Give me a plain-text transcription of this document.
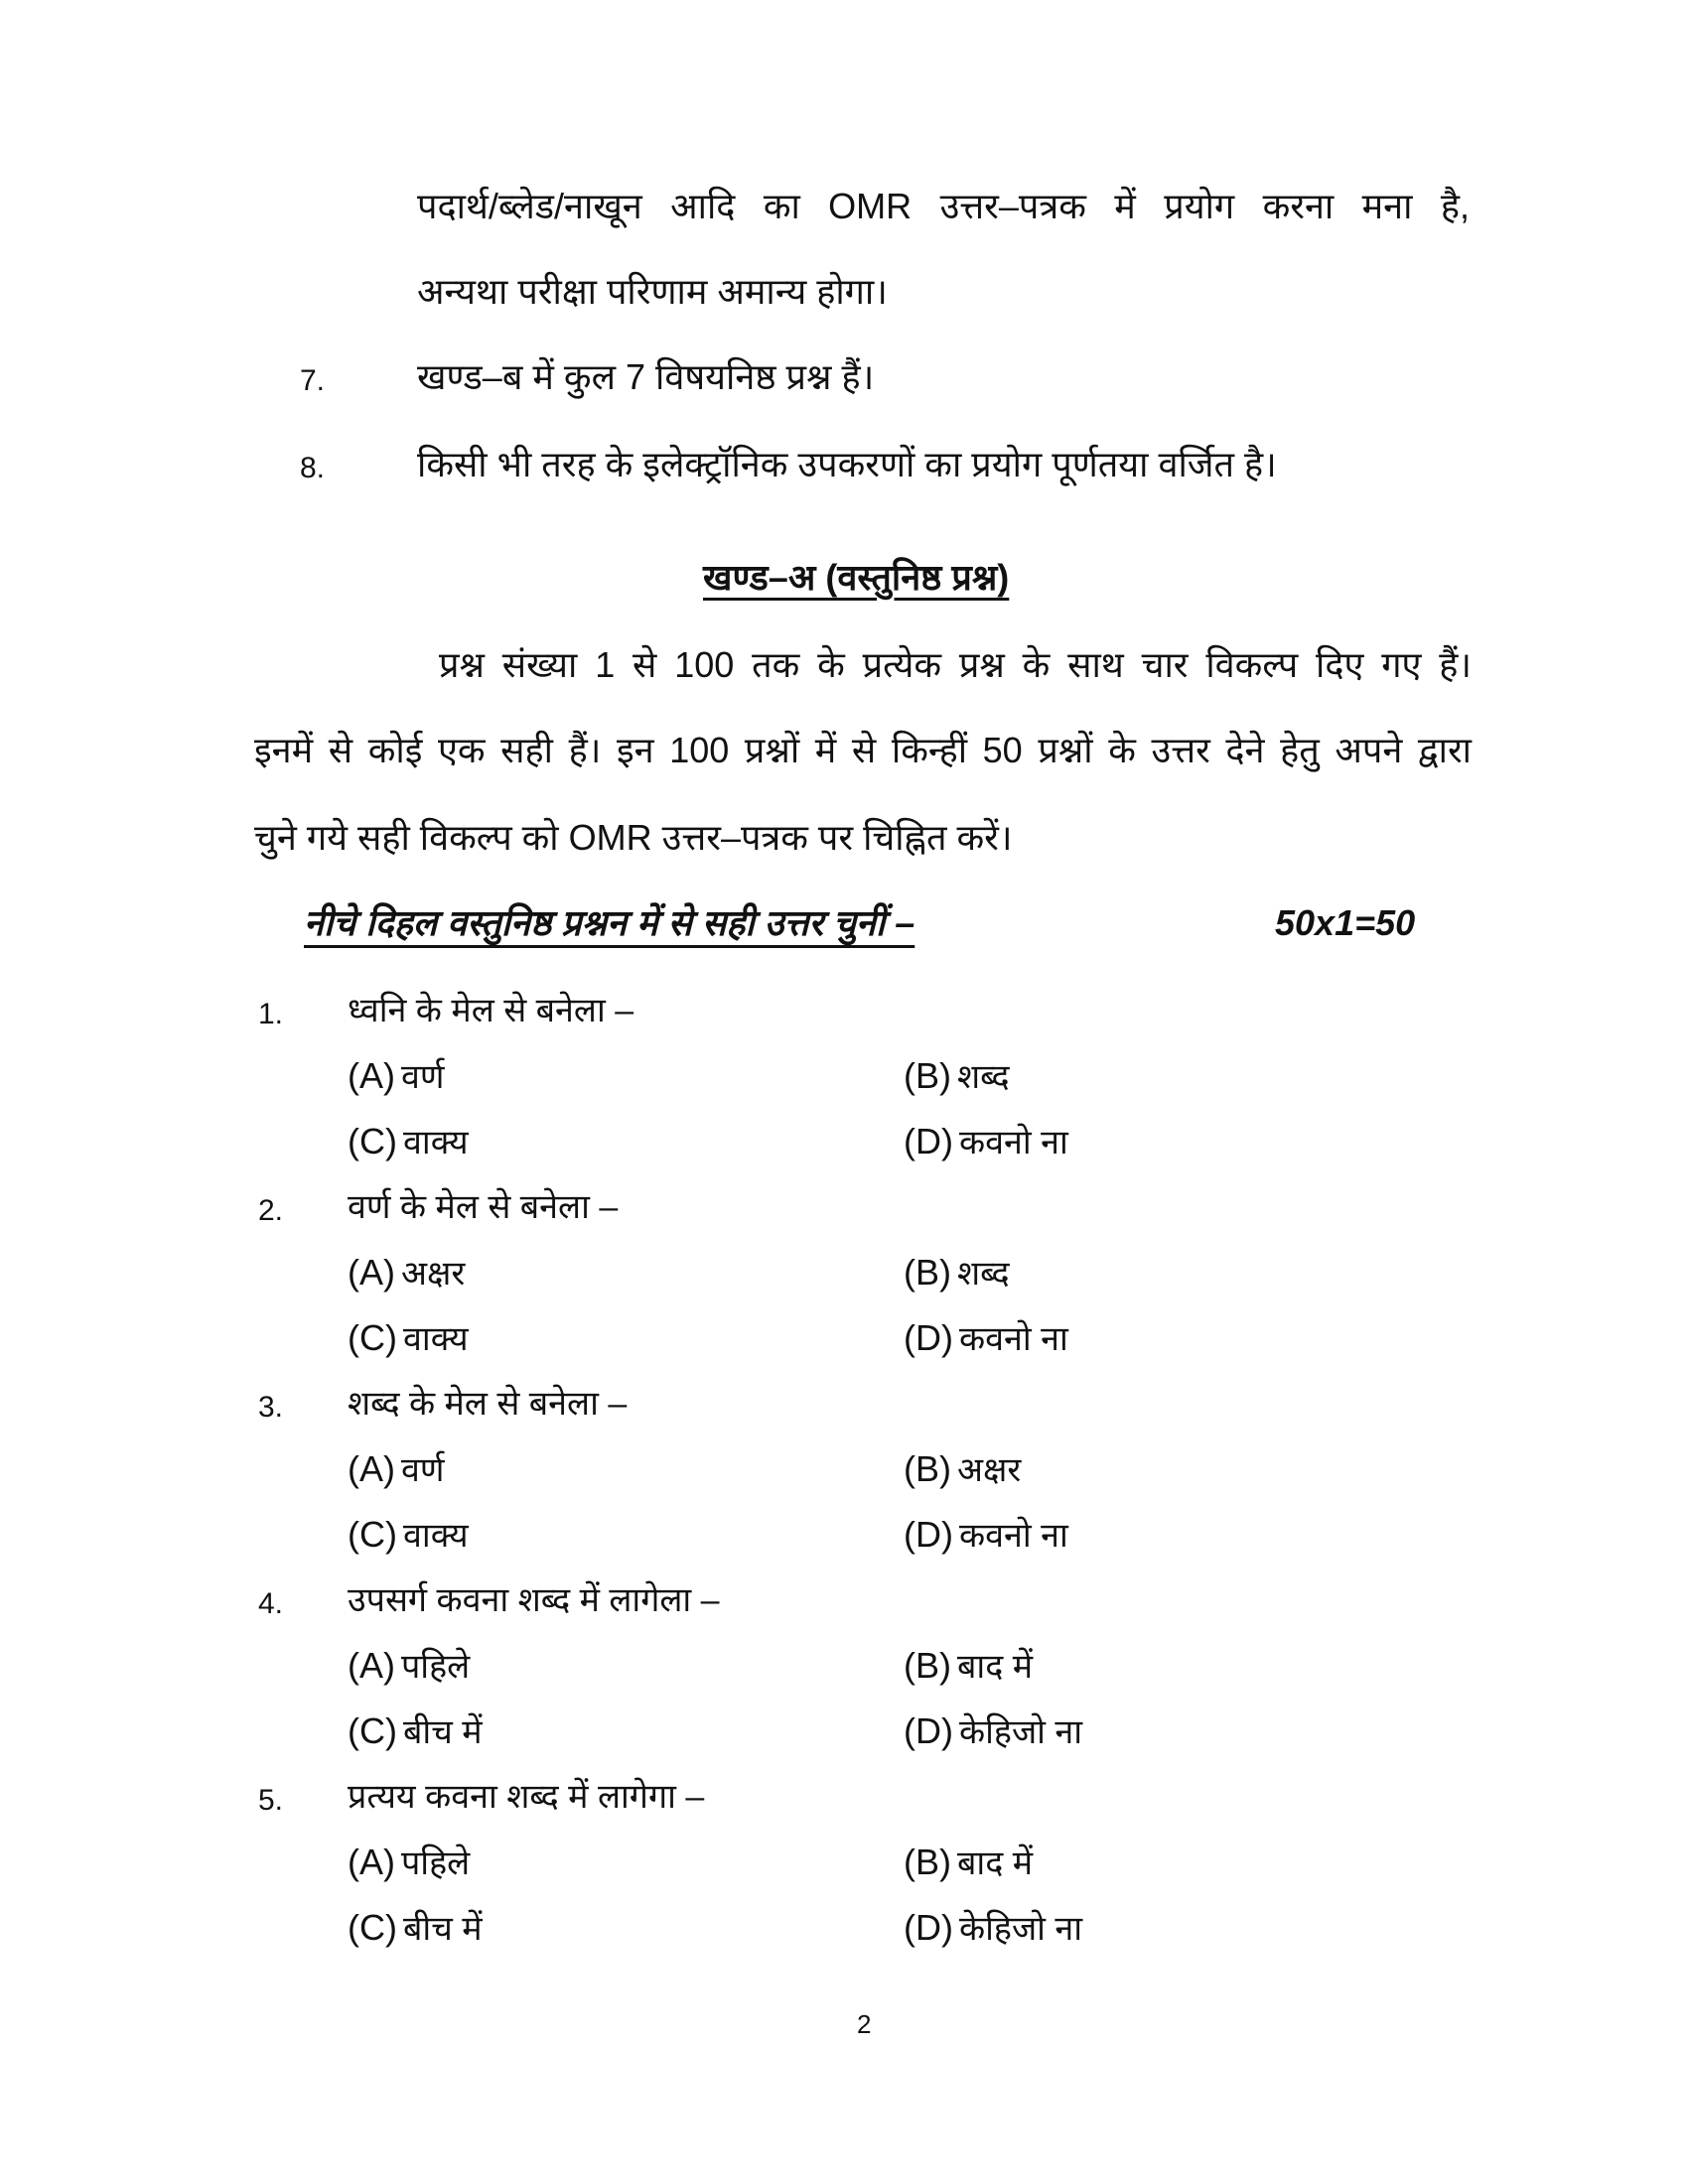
पदार्थ/ब्लेड/नाखून आदि का OMR उत्तर–पत्रक में प्रयोग करना मना है,
अन्यथा परीक्षा परिणाम अमान्य होगा।
7.	खण्ड–ब में कुल 7 विषयनिष्ठ प्रश्न हैं।
8.	किसी भी तरह के इलेक्ट्रॉनिक उपकरणों का प्रयोग पूर्णतया वर्जित है।
खण्ड–अ (वस्तुनिष्ठ प्रश्न)
प्रश्न संख्या 1 से 100 तक के प्रत्येक प्रश्न के साथ चार विकल्प दिए गए हैं।
इनमें से कोई एक सही हैं। इन 100 प्रश्नों में से किन्हीं 50 प्रश्नों के उत्तर देने हेतु अपने द्वारा
चुने गये सही विकल्प को OMR उत्तर–पत्रक पर चिह्नित करें।
नीचे दिहल वस्तुनिष्ठ प्रश्नन में से सही उत्तर चुनीं –	50x1=50
1. ध्वनि के मेल से बनेला –
(A) वर्ण	(B) शब्द
(C) वाक्य	(D) कवनो ना
2. वर्ण के मेल से बनेला –
(A) अक्षर	(B) शब्द
(C) वाक्य	(D) कवनो ना
3. शब्द के मेल से बनेला –
(A) वर्ण	(B) अक्षर
(C) वाक्य	(D) कवनो ना
4. उपसर्ग कवना शब्द में लागेला –
(A) पहिले	(B) बाद में
(C) बीच में	(D) केहिजो ना
5. प्रत्यय कवना शब्द में लागेगा –
(A) पहिले	(B) बाद में
(C) बीच में	(D) केहिजो ना
2
